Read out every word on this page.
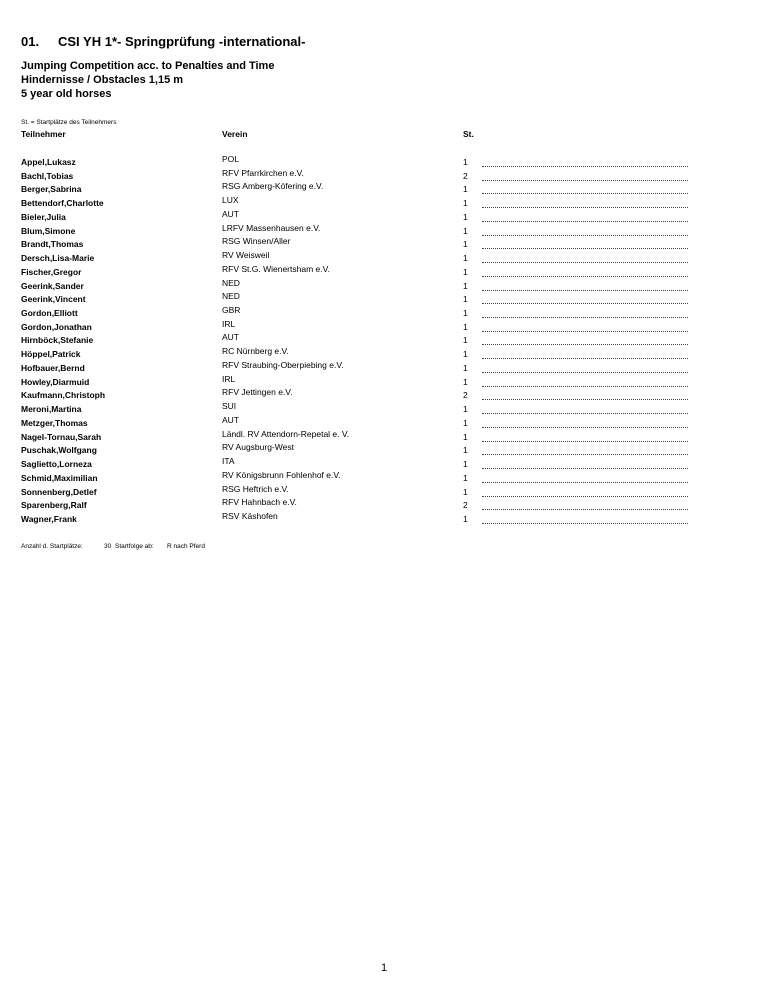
01. CSI YH 1*- Springprüfung -international-
Jumping Competition acc. to Penalties and Time
Hindernisse / Obstacles 1,15 m
5 year old horses
St. = Startplätze des Teilnehmers
Teilnehmer	Verein	St.
Appel,Lukasz	POL	1
Bachl,Tobias	RFV Pfarrkirchen e.V.	2
Berger,Sabrina	RSG Amberg-Köfering e.V.	1
Bettendorf,Charlotte	LUX	1
Bieler,Julia	AUT	1
Blum,Simone	LRFV Massenhausen e.V.	1
Brandt,Thomas	RSG Winsen/Aller	1
Dersch,Lisa-Marie	RV Weisweil	1
Fischer,Gregor	RFV St.G. Wienertsham e.V.	1
Geerink,Sander	NED	1
Geerink,Vincent	NED	1
Gordon,Elliott	GBR	1
Gordon,Jonathan	IRL	1
Hirnböck,Stefanie	AUT	1
Höppel,Patrick	RC Nürnberg e.V.	1
Hofbauer,Bernd	RFV Straubing-Oberpiebing e.V.	1
Howley,Diarmuid	IRL	1
Kaufmann,Christoph	RFV Jettingen e.V.	2
Meroni,Martina	SUI	1
Metzger,Thomas	AUT	1
Nagel-Tornau,Sarah	Ländl. RV Attendorn-Repetal e. V.	1
Puschak,Wolfgang	RV Augsburg-West	1
Saglietto,Lorneza	ITA	1
Schmid,Maximilian	RV Königsbrunn Fohlenhof e.V.	1
Sonnenberg,Detlef	RSG Heftrich e.V.	1
Sparenberg,Ralf	RFV Hahnbach e.V.	2
Wagner,Frank	RSV Käshofen	1
Anzahl d. Startplätze:	30 Startfolge ab: R nach Pferd
1
